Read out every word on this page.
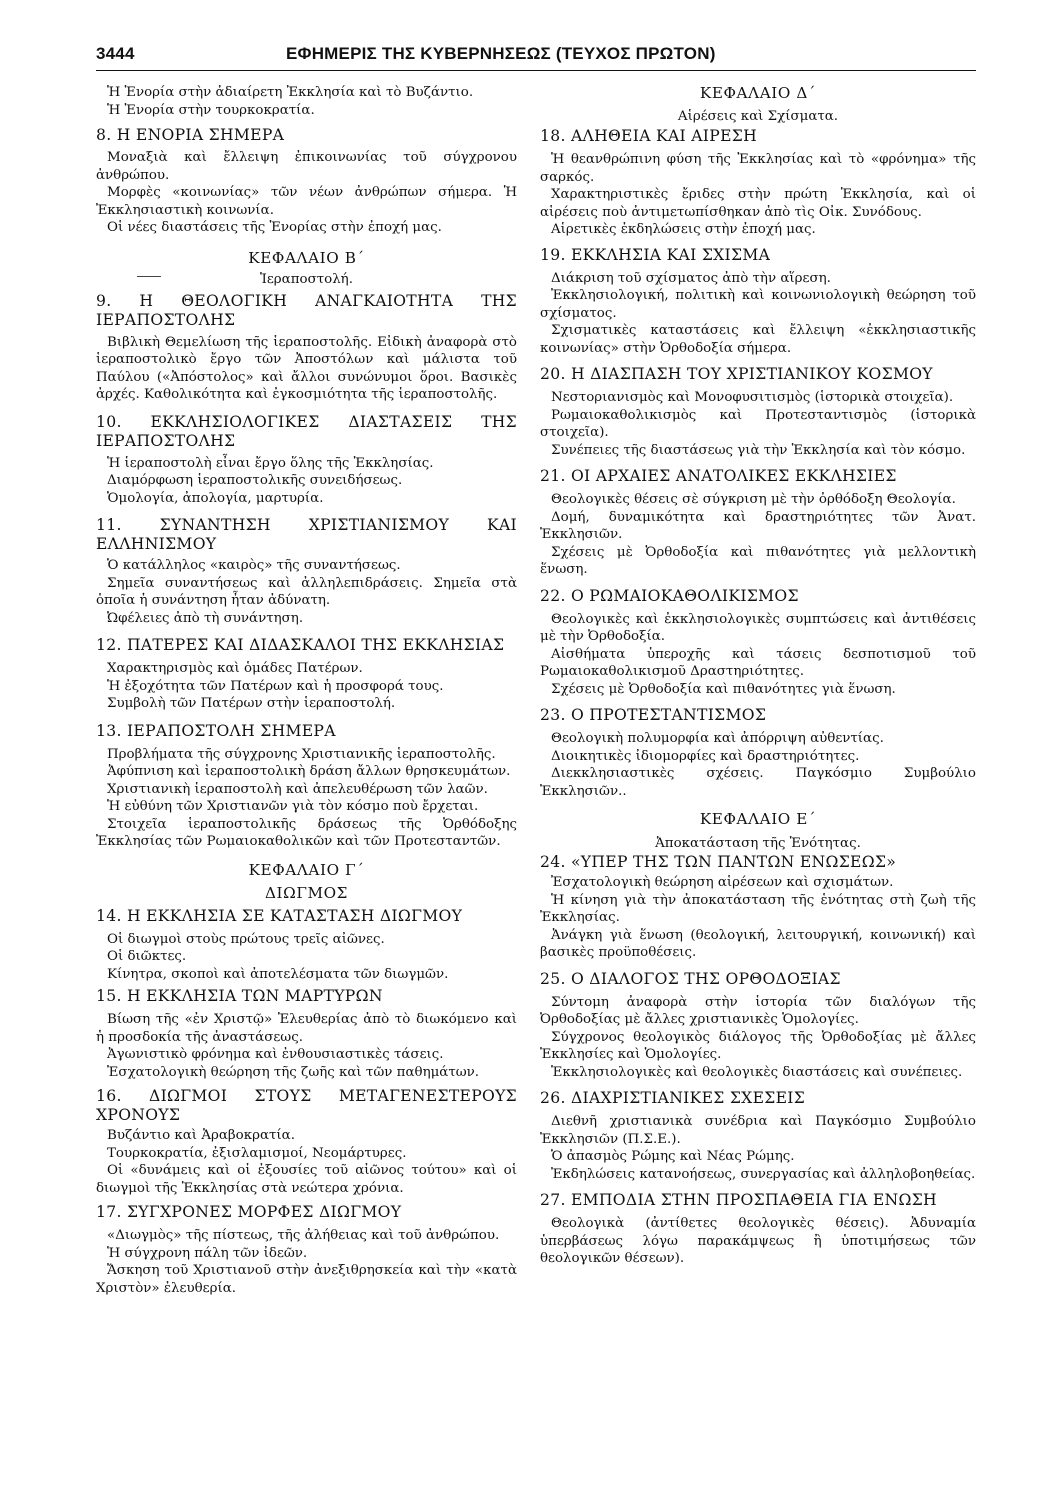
3444	ΕΦΗΜΕΡΙΣ ΤΗΣ ΚΥΒΕΡΝΗΣΕΩΣ (ΤΕΥΧΟΣ ΠΡΩΤΟΝ)

Ἡ Ἐνορία στὴν ἀδιαίρετη Ἐκκλησία καὶ τὸ Βυζάντιο.

Ἡ Ἐνορία στὴν τουρκοκρατία.

8. Η ΕΝΟΡΙΑ ΣΗΜΕΡΑ

Μοναξιὰ καὶ ἔλλειψη ἐπικοινωνίας τοῦ σύγχρονου ἀνθρώπου.

Μορφὲς «κοινωνίας» τῶν νέων ἀνθρώπων σήμερα. Ἡ Ἐκκλησιαστικὴ κοινωνία.

Οἱ νέες διαστάσεις τῆς Ἐνορίας στὴν ἐποχή μας.

ΚΕΦΑΛΑΙΟ Β΄

Ἱεραποστολή.

9. Η ΘΕΟΛΟΓΙΚΗ ΑΝΑΓΚΑΙΟΤΗΤΑ ΤΗΣ ΙΕΡΑΠΟΣΤΟΛΗΣ

Βιβλικὴ Θεμελίωση τῆς ἱεραποστολῆς. Εἰδικὴ ἀναφορὰ στὸ ἱεραποστολικὸ ἔργο τῶν Ἀποστόλων καὶ μάλιστα τοῦ Παύλου («Ἀπόστολος» καὶ ἄλλοι συνώνυμοι ὅροι. Βασικὲς ἀρχές. Καθολικότητα καὶ ἐγκοσμιότητα τῆς ἱεραποστολῆς.

10. ΕΚΚΛΗΣΙΟΛΟΓΙΚΕΣ ΔΙΑΣΤΑΣΕΙΣ ΤΗΣ ΙΕΡΑΠΟΣΤΟΛΗΣ

Ἡ ἱεραποστολὴ εἶναι ἔργο ὅλης τῆς Ἐκκλησίας.

Διαμόρφωση ἱεραποστολικῆς συνειδήσεως.

Ὁμολογία, ἀπολογία, μαρτυρία.

11. ΣΥΝΑΝΤΗΣΗ ΧΡΙΣΤΙΑΝΙΣΜΟΥ ΚΑΙ ΕΛΛΗΝΙΣΜΟΥ

Ὁ κατάλληλος «καιρὸς» τῆς συναντήσεως.

Σημεῖα συναντήσεως καὶ ἀλληλεπιδράσεις. Σημεῖα στὰ ὁποῖα ἡ συνάντηση ἦταν ἀδύνατη.

Ὠφέλειες ἀπὸ τὴ συνάντηση.

12. ΠΑΤΕΡΕΣ ΚΑΙ ΔΙΔΑΣΚΑΛΟΙ ΤΗΣ ΕΚΚΛΗΣΙΑΣ

Χαρακτηρισμὸς καὶ ὁμάδες Πατέρων.

Ἡ ἐξοχότητα τῶν Πατέρων καὶ ἡ προσφορά τους.

Συμβολὴ τῶν Πατέρων στὴν ἱεραποστολή.

13. ΙΕΡΑΠΟΣΤΟΛΗ ΣΗΜΕΡΑ

Προβλήματα τῆς σύγχρονης Χριστιανικῆς ἱεραποστολῆς.

Ἀφύπνιση καὶ ἱεραποστολικὴ δράση ἄλλων θρησκευμάτων.

Χριστιανικὴ ἱεραποστολὴ καὶ ἀπελευθέρωση τῶν λαῶν.

Ἡ εὐθύνη τῶν Χριστιανῶν γιὰ τὸν κόσμο ποὺ ἔρχεται.

Στοιχεῖα ἱεραποστολικῆς δράσεως τῆς Ὀρθόδοξης Ἐκκλησίας τῶν Ρωμαιοκαθολικῶν καὶ τῶν Προτεσταντῶν.

ΚΕΦΑΛΑΙΟ Γ΄

ΔΙΩΓΜΟΣ

14. Η ΕΚΚΛΗΣΙΑ ΣΕ ΚΑΤΑΣΤΑΣΗ ΔΙΩΓΜΟΥ

Οἱ διωγμοὶ στοὺς πρώτους τρεῖς αἰῶνες.

Οἱ διῶκτες.

Κίνητρα, σκοποὶ καὶ ἀποτελέσματα τῶν διωγμῶν.

15. Η ΕΚΚΛΗΣΙΑ ΤΩΝ ΜΑΡΤΥΡΩΝ

Βίωση τῆς «ἐν Χριστῷ» Ἐλευθερίας ἀπὸ τὸ διωκόμενο καὶ ἡ προσδοκία τῆς ἀναστάσεως.

Ἀγωνιστικὸ φρόνημα καὶ ἐνθουσιαστικὲς τάσεις.

Ἐσχατολογικὴ θεώρηση τῆς ζωῆς καὶ τῶν παθημάτων.

16. ΔΙΩΓΜΟΙ ΣΤΟΥΣ ΜΕΤΑΓΕΝΕΣΤΕΡΟΥΣ ΧΡΟΝΟΥΣ

Βυζάντιο καὶ Ἀραβοκρατία.

Τουρκοκρατία, ἐξισλαμισμοί, Νεομάρτυρες.

Οἱ «δυνάμεις καὶ οἱ ἐξουσίες τοῦ αἰῶνος τούτου» καὶ οἱ διωγμοὶ τῆς Ἐκκλησίας στὰ νεώτερα χρόνια.

17. ΣΥΓΧΡΟΝΕΣ ΜΟΡΦΕΣ ΔΙΩΓΜΟΥ

«Διωγμὸς» τῆς πίστεως, τῆς ἀλήθειας καὶ τοῦ ἀνθρώπου.

Ἡ σύγχρονη πάλη τῶν ἰδεῶν.

Ἄσκηση τοῦ Χριστιανοῦ στὴν ἀνεξιθρησκεία καὶ τὴν «κατὰ Χριστὸν» ἐλευθερία.

ΚΕΦΑΛΑΙΟ Δ΄

Αἱρέσεις καὶ Σχίσματα.

18. ΑΛΗΘΕΙΑ ΚΑΙ ΑΙΡΕΣΗ

Ἡ θεανθρώπινη φύση τῆς Ἐκκλησίας καὶ τὸ «φρόνημα» τῆς σαρκός.

Χαρακτηριστικὲς ἔριδες στὴν πρώτη Ἐκκλησία, καὶ οἱ αἱρέσεις ποὺ ἀντιμετωπίσθηκαν ἀπὸ τὶς Οἰκ. Συνόδους.

Αἱρετικὲς ἐκδηλώσεις στὴν ἐποχή μας.

19. ΕΚΚΛΗΣΙΑ ΚΑΙ ΣΧΙΣΜΑ

Διάκριση τοῦ σχίσματος ἀπὸ τὴν αἵρεση.

Ἐκκλησιολογική, πολιτικὴ καὶ κοινωνιολογικὴ θεώρηση τοῦ σχίσματος.

Σχισματικὲς καταστάσεις καὶ ἔλλειψη «ἐκκλησιαστικῆς κοινωνίας» στὴν Ὀρθοδοξία σήμερα.

20. Η ΔΙΑΣΠΑΣΗ ΤΟΥ ΧΡΙΣΤΙΑΝΙΚΟΥ ΚΟΣΜΟΥ

Νεστοριανισμὸς καὶ Μονοφυσιτισμὸς (ἱστορικὰ στοιχεῖα).

Ρωμαιοκαθολικισμὸς καὶ Προτεσταντισμὸς (ἱστορικὰ στοιχεῖα).

Συνέπειες τῆς διαστάσεως γιὰ τὴν Ἐκκλησία καὶ τὸν κόσμο.

21. ΟΙ ΑΡΧΑΙΕΣ ΑΝΑΤΟΛΙΚΕΣ ΕΚΚΛΗΣΙΕΣ

Θεολογικὲς θέσεις σὲ σύγκριση μὲ τὴν ὀρθόδοξη Θεολογία.

Δομή, δυναμικότητα καὶ δραστηριότητες τῶν Ἀνατ. Ἐκκλησιῶν.

Σχέσεις μὲ Ὀρθοδοξία καὶ πιθανότητες γιὰ μελλοντικὴ ἕνωση.

22. Ο ΡΩΜΑΙΟΚΑΘΟΛΙΚΙΣΜΟΣ

Θεολογικὲς καὶ ἐκκλησιολογικὲς συμπτώσεις καὶ ἀντιθέσεις μὲ τὴν Ὀρθοδοξία.

Αἰσθήματα ὑπεροχῆς καὶ τάσεις δεσποτισμοῦ τοῦ Ρωμαιοκαθολικισμοῦ Δραστηριότητες.

Σχέσεις μὲ Ὀρθοδοξία καὶ πιθανότητες γιὰ ἕνωση.

23. Ο ΠΡΟΤΕΣΤΑΝΤΙΣΜΟΣ

Θεολογικὴ πολυμορφία καὶ ἀπόρριψη αὐθεντίας.

Διοικητικὲς ἰδιομορφίες καὶ δραστηριότητες.

Διεκκλησιαστικὲς σχέσεις. Παγκόσμιο Συμβούλιο Ἐκκλησιῶν..

ΚΕΦΑΛΑΙΟ Ε΄

Ἀποκατάσταση τῆς Ἑνότητας.

24. «ΥΠΕΡ ΤΗΣ ΤΩΝ ΠΑΝΤΩΝ ΕΝΩΣΕΩΣ»

Ἐσχατολογικὴ θεώρηση αἱρέσεων καὶ σχισμάτων.

Ἡ κίνηση γιὰ τὴν ἀποκατάσταση τῆς ἑνότητας στὴ ζωὴ τῆς Ἐκκλησίας.

Ἀνάγκη γιὰ ἕνωση (θεολογική, λειτουργική, κοινωνική) καὶ βασικὲς προϋποθέσεις.

25. Ο ΔΙΑΛΟΓΟΣ ΤΗΣ ΟΡΘΟΔΟΞΙΑΣ

Σύντομη ἀναφορὰ στὴν ἱστορία τῶν διαλόγων τῆς Ὀρθοδοξίας μὲ ἄλλες χριστιανικὲς Ὁμολογίες.

Σύγχρονος θεολογικὸς διάλογος τῆς Ὀρθοδοξίας μὲ ἄλλες Ἐκκλησίες καὶ Ὁμολογίες.

Ἐκκλησιολογικὲς καὶ θεολογικὲς διαστάσεις καὶ συνέπειες.

26. ΔΙΑΧΡΙΣΤΙΑΝΙΚΕΣ ΣΧΕΣΕΙΣ

Διεθνῆ χριστιανικὰ συνέδρια καὶ Παγκόσμιο Συμβούλιο Ἐκκλησιῶν (Π.Σ.Ε.).

Ὁ ἀπασμὸς Ρώμης καὶ Νέας Ρώμης.

Ἐκδηλώσεις κατανοήσεως, συνεργασίας καὶ ἀλληλοβοηθείας.

27. ΕΜΠΟΔΙΑ ΣΤΗΝ ΠΡΟΣΠΑΘΕΙΑ ΓΙΑ ΕΝΩΣΗ

Θεολογικὰ (ἀντίθετες θεολογικὲς θέσεις). Ἀδυναμία ὑπερβάσεως λόγω παρακάμψεως ἢ ὑποτιμήσεως τῶν θεολογικῶν θέσεων).
